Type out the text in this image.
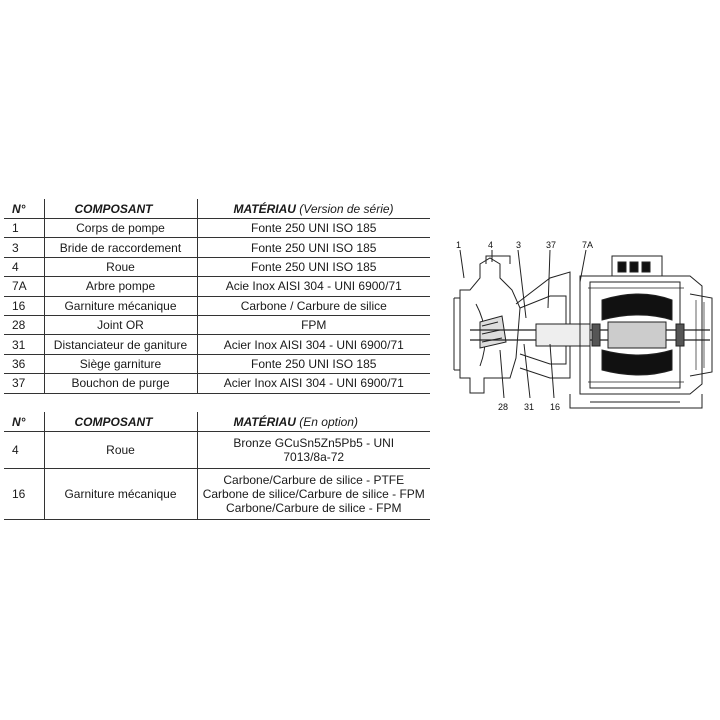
N°	COMPOSANT	MATÉRIAU (Version de série)
1	Corps de pompe	Fonte 250 UNI ISO 185
3	Bride de raccordement	Fonte 250 UNI ISO 185
4	Roue	Fonte 250 UNI ISO 185
7A	Arbre pompe	Acie Inox AISI 304 - UNI 6900/71
16	Garniture mécanique	Carbone / Carbure de silice
28	Joint OR	FPM
31	Distanciateur de ganiture	Acier Inox AISI 304 - UNI 6900/71
36	Siège garniture	Fonte 250 UNI ISO 185
37	Bouchon de purge	Acier Inox AISI 304 - UNI 6900/71
N°	COMPOSANT	MATÉRIAU (En option)
4	Roue	Bronze GCuSn5Zn5Pb5 - UNI
7013/8a-72

16	Garniture mécanique	Carbone/Carbure de silice - PTFE
Carbone de silice/Carbure de silice - FPM
Carbone/Carbure de silice - FPM
1	4	3	37	7A
28 31 16
